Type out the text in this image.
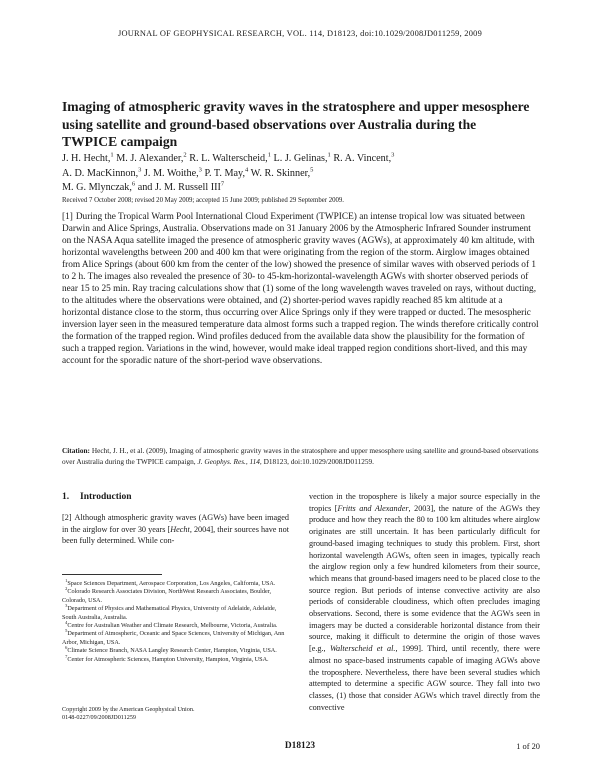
JOURNAL OF GEOPHYSICAL RESEARCH, VOL. 114, D18123, doi:10.1029/2008JD011259, 2009
Imaging of atmospheric gravity waves in the stratosphere and upper mesosphere using satellite and ground-based observations over Australia during the TWPICE campaign
J. H. Hecht,$^1$ M. J. Alexander,$^2$ R. L. Walterscheid,$^1$ L. J. Gelinas,$^1$ R. A. Vincent,$^3$
A. D. MacKinnon,$^3$ J. M. Woithe,$^3$ P. T. May,$^4$ W. R. Skinner,$^5$
M. G. Mlynczak,$^6$ and J. M. Russell III$^7$
Received 7 October 2008; revised 20 May 2009; accepted 15 June 2009; published 29 September 2009.
[1] During the Tropical Warm Pool International Cloud Experiment (TWPICE) an intense tropical low was situated between Darwin and Alice Springs, Australia. Observations made on 31 January 2006 by the Atmospheric Infrared Sounder instrument on the NASA Aqua satellite imaged the presence of atmospheric gravity waves (AGWs), at approximately 40 km altitude, with horizontal wavelengths between 200 and 400 km that were originating from the region of the storm. Airglow images obtained from Alice Springs (about 600 km from the center of the low) showed the presence of similar waves with observed periods of 1 to 2 h. The images also revealed the presence of 30- to 45-km-horizontal-wavelength AGWs with shorter observed periods of near 15 to 25 min. Ray tracing calculations show that (1) some of the long wavelength waves traveled on rays, without ducting, to the altitudes where the observations were obtained, and (2) shorter-period waves rapidly reached 85 km altitude at a horizontal distance close to the storm, thus occurring over Alice Springs only if they were trapped or ducted. The mesospheric inversion layer seen in the measured temperature data almost forms such a trapped region. The winds therefore critically control the formation of the trapped region. Wind profiles deduced from the available data show the plausibility for the formation of such a trapped region. Variations in the wind, however, would make ideal trapped region conditions short-lived, and this may account for the sporadic nature of the short-period wave observations.
Citation: Hecht, J. H., et al. (2009), Imaging of atmospheric gravity waves in the stratosphere and upper mesosphere using satellite and ground-based observations over Australia during the TWPICE campaign, J. Geophys. Res., 114, D18123, doi:10.1029/2008JD011259.
1. Introduction
[2] Although atmospheric gravity waves (AGWs) have been imaged in the airglow for over 30 years [Hecht, 2004], their sources have not been fully determined. While con-
$^1$Space Sciences Department, Aerospace Corporation, Los Angeles, California, USA.
$^2$Colorado Research Associates Division, NorthWest Research Associates, Boulder, Colorado, USA.
$^3$Department of Physics and Mathematical Physics, University of Adelaide, Adelaide, South Australia, Australia.
$^4$Centre for Australian Weather and Climate Research, Melbourne, Victoria, Australia.
$^5$Department of Atmospheric, Oceanic and Space Sciences, University of Michigan, Ann Arbor, Michigan, USA.
$^6$Climate Science Branch, NASA Langley Research Center, Hampton, Virginia, USA.
$^7$Center for Atmospheric Sciences, Hampton University, Hampton, Virginia, USA.
Copyright 2009 by the American Geophysical Union.
0148-0227/09/2008JD011259
vection in the troposphere is likely a major source especially in the tropics [Fritts and Alexander, 2003], the nature of the AGWs they produce and how they reach the 80 to 100 km altitudes where airglow originates are still uncertain. It has been particularly difficult for ground-based imaging techniques to study this problem. First, short horizontal wavelength AGWs, often seen in images, typically reach the airglow region only a few hundred kilometers from their source, which means that ground-based imagers need to be placed close to the source region. But periods of intense convective activity are also periods of considerable cloudiness, which often precludes imaging observations. Second, there is some evidence that the AGWs seen in imagers may be ducted a considerable horizontal distance from their source, making it difficult to determine the origin of those waves [e.g., Walterscheid et al., 1999]. Third, until recently, there were almost no space-based instruments capable of imaging AGWs above the troposphere. Nevertheless, there have been several studies which attempted to determine a specific AGW source. They fall into two classes, (1) those that consider AGWs which travel directly from the convective
D18123	1 of 20
